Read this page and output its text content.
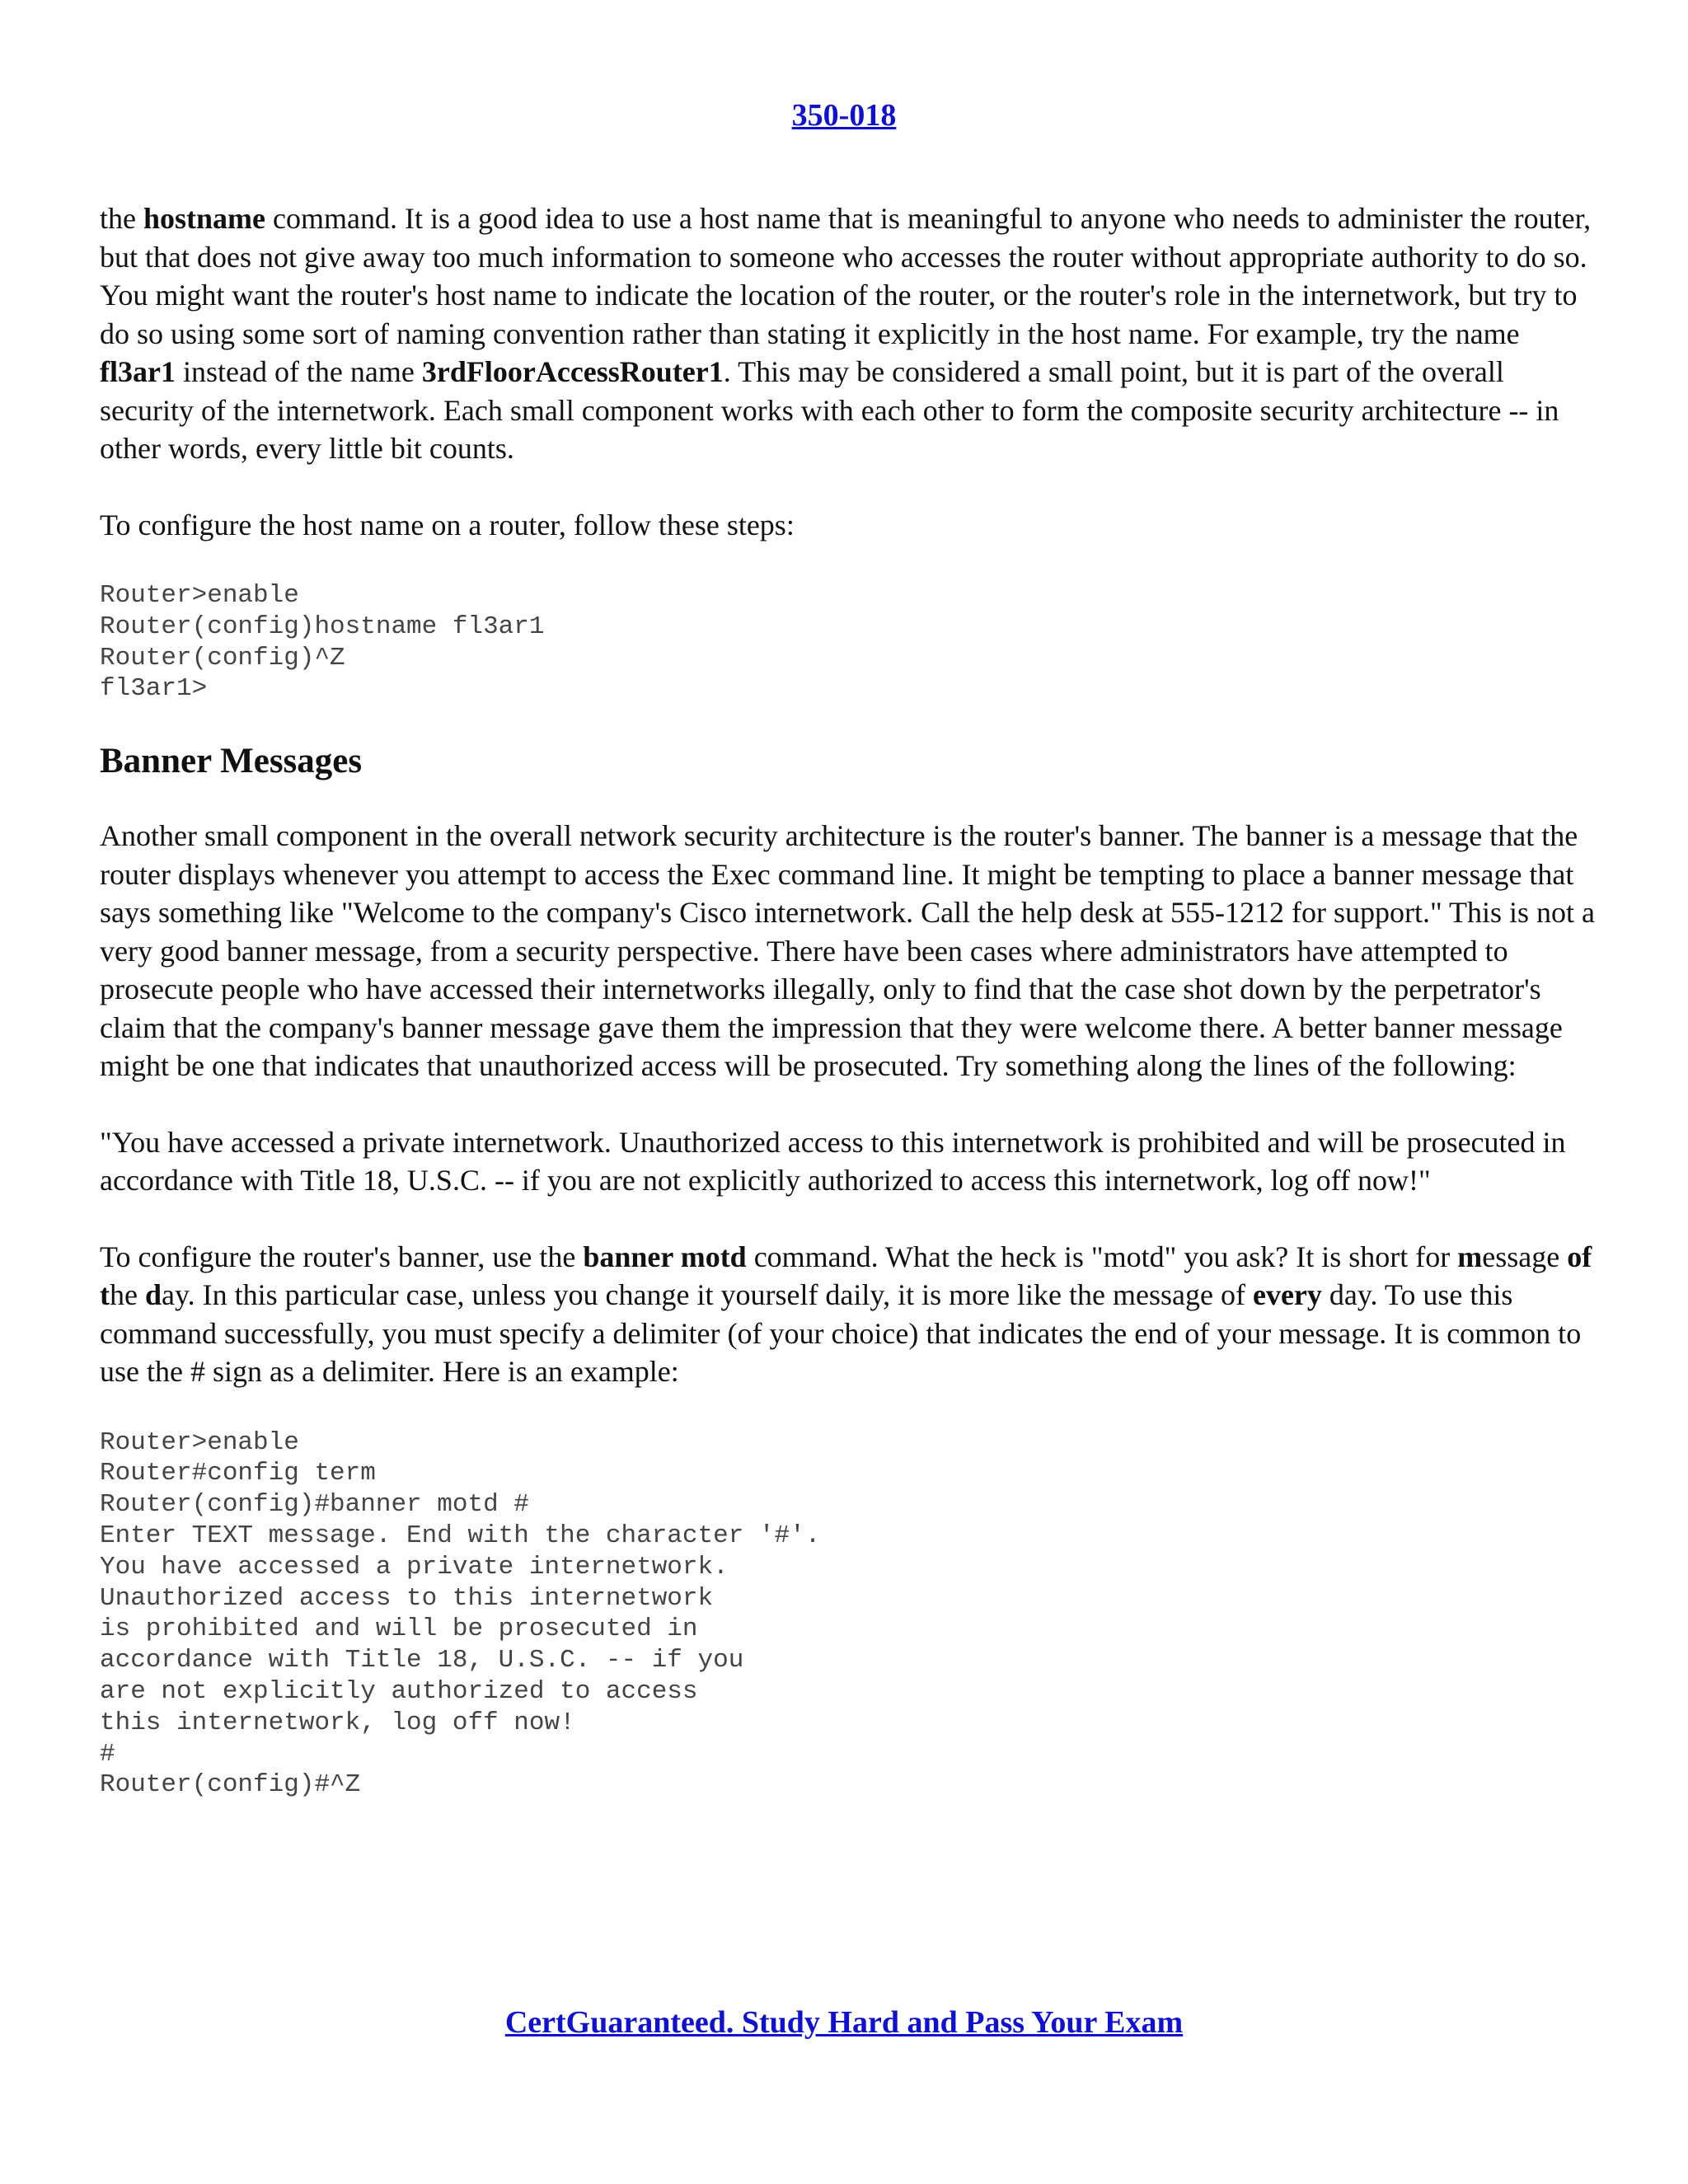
350-018

the hostname command. It is a good idea to use a host name that is meaningful to anyone who needs to administer the router, but that does not give away too much information to someone who accesses the router without appropriate authority to do so. You might want the router's host name to indicate the location of the router, or the router's role in the internetwork, but try to do so using some sort of naming convention rather than stating it explicitly in the host name. For example, try the name fl3ar1 instead of the name 3rdFloorAccessRouter1. This may be considered a small point, but it is part of the overall security of the internetwork. Each small component works with each other to form the composite security architecture -- in other words, every little bit counts.

To configure the host name on a router, follow these steps:

Router>enable
Router(config)hostname fl3ar1
Router(config)^Z
fl3ar1>
Banner Messages

Another small component in the overall network security architecture is the router's banner. The banner is a message that the router displays whenever you attempt to access the Exec command line. It might be tempting to place a banner message that says something like "Welcome to the company's Cisco internetwork. Call the help desk at 555-1212 for support." This is not a very good banner message, from a security perspective. There have been cases where administrators have attempted to prosecute people who have accessed their internetworks illegally, only to find that the case shot down by the perpetrator's claim that the company's banner message gave them the impression that they were welcome there. A better banner message might be one that indicates that unauthorized access will be prosecuted. Try something along the lines of the following:

"You have accessed a private internetwork. Unauthorized access to this internetwork is prohibited and will be prosecuted in accordance with Title 18, U.S.C. -- if you are not explicitly authorized to access this internetwork, log off now!"

To configure the router's banner, use the banner motd command. What the heck is "motd" you ask? It is short for message of the day. In this particular case, unless you change it yourself daily, it is more like the message of every day. To use this command successfully, you must specify a delimiter (of your choice) that indicates the end of your message. It is common to use the # sign as a delimiter. Here is an example:

Router>enable
Router#config term
Router(config)#banner motd #
Enter TEXT message. End with the character '#'.
You have accessed a private internetwork.
Unauthorized access to this internetwork
is prohibited and will be prosecuted in
accordance with Title 18, U.S.C. -- if you
are not explicitly authorized to access
this internetwork, log off now!
#
Router(config)#^Z
CertGuaranteed. Study Hard and Pass Your Exam
